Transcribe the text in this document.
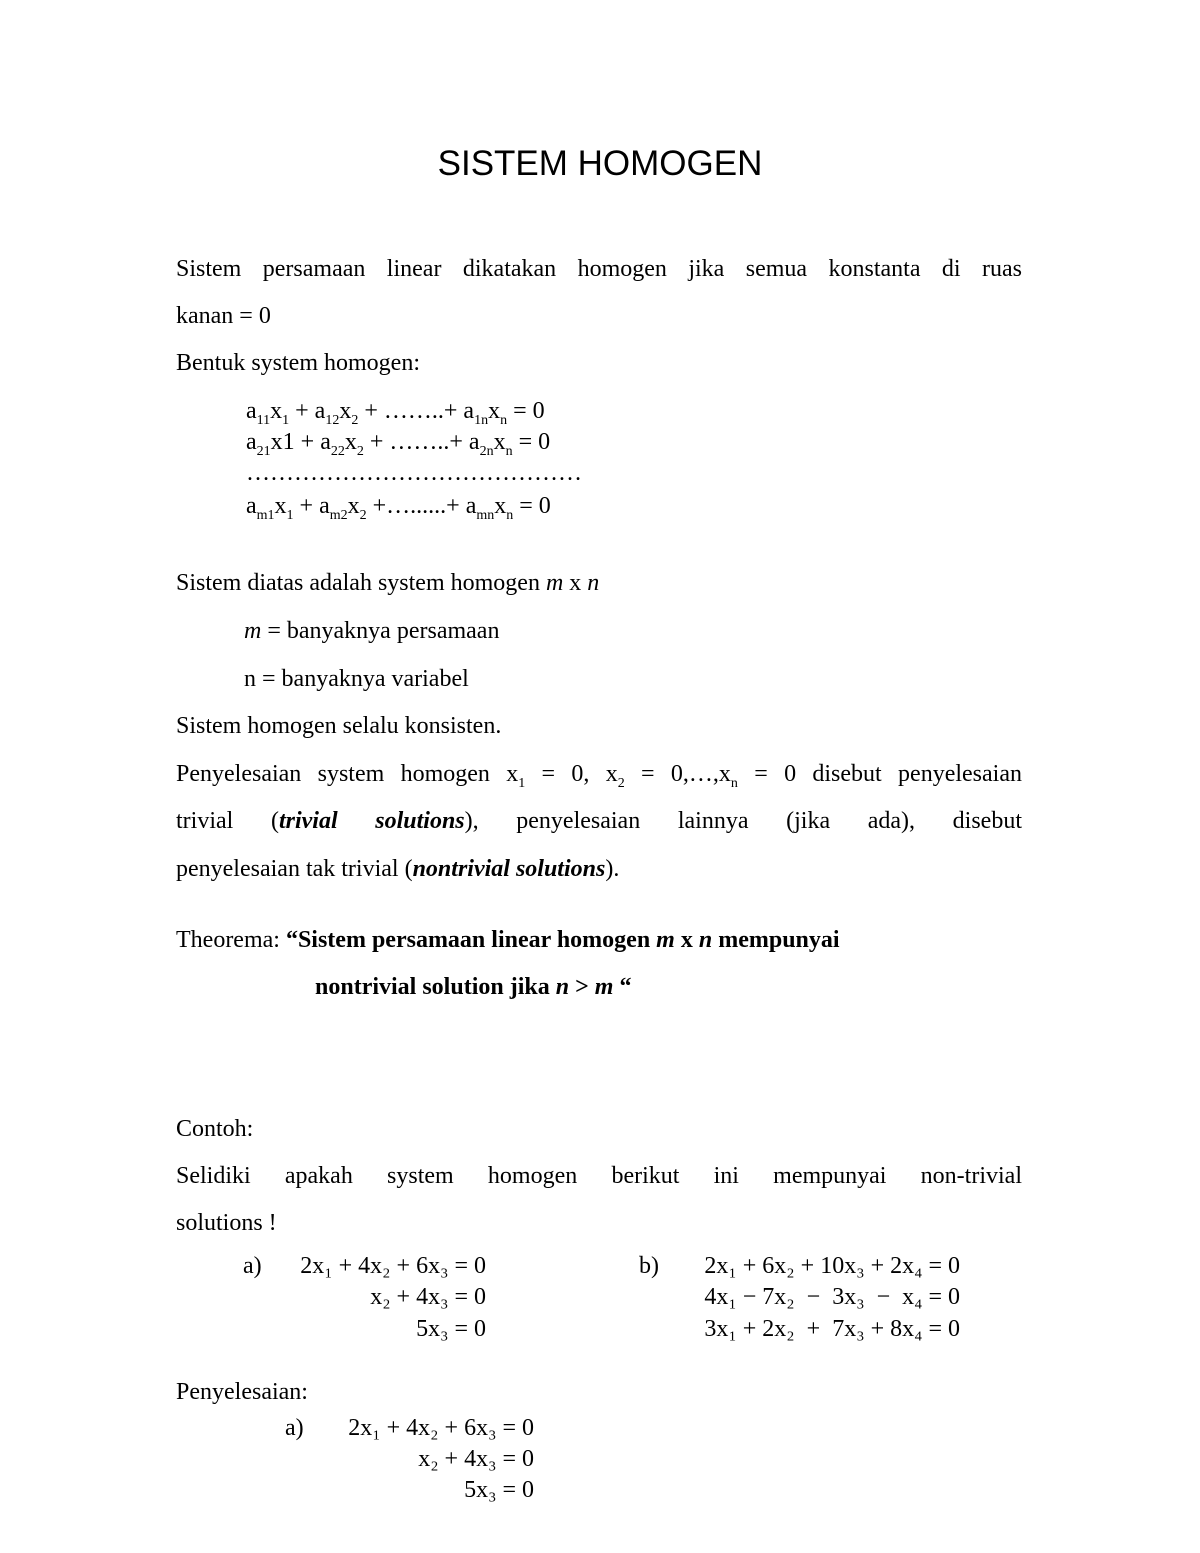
SISTEM HOMOGEN
Sistem persamaan linear dikatakan homogen jika semua konstanta di ruas
kanan = 0
Bentuk system homogen:
$a_{11}x_1 + a_{12}x_2$ + ……..+ $a_{1n}x_n = 0$
$a_{21}x1 + a_{22}x_2$ + ……..+ $a_{2n}x_n = 0$
……………………………………
$a_{m1}x_1 + a_{m2}x_2$ +…......+ $a_{mn}x_n = 0$
Sistem diatas adalah system homogen m x n
m = banyaknya persamaan
n = banyaknya variabel
Sistem homogen selalu konsisten.
Penyelesaian system homogen $x_1 = 0$, $x_2$ = $0,\dots,x_n = 0$ disebut penyelesaian
trivial (trivial solutions), penyelesaian lainnya (jika ada), disebut
penyelesaian tak trivial (nontrivial solutions).
Theorema: “Sistem persamaan linear homogen m x n mempunyai
nontrivial solution jika n > m “
Contoh:
Selidiki apakah system homogen berikut ini mempunyai non-trivial
solutions !
a)	2x₁ + 4x₂ + 6x₃ = 0
x₂ + 4x₃ = 0
5x₃ = 0
b)	2x₁ + 6x₂ + 10x₃ + 2x₄ = 0
4x₁ − 7x₂  −  3x₃  −  x₄ = 0
3x₁ + 2x₂  +  7x₃ + 8x₄ = 0
Penyelesaian:
a)	2x₁ + 4x₂ + 6x₃ = 0
x₂ + 4x₃ = 0
5x₃ = 0
